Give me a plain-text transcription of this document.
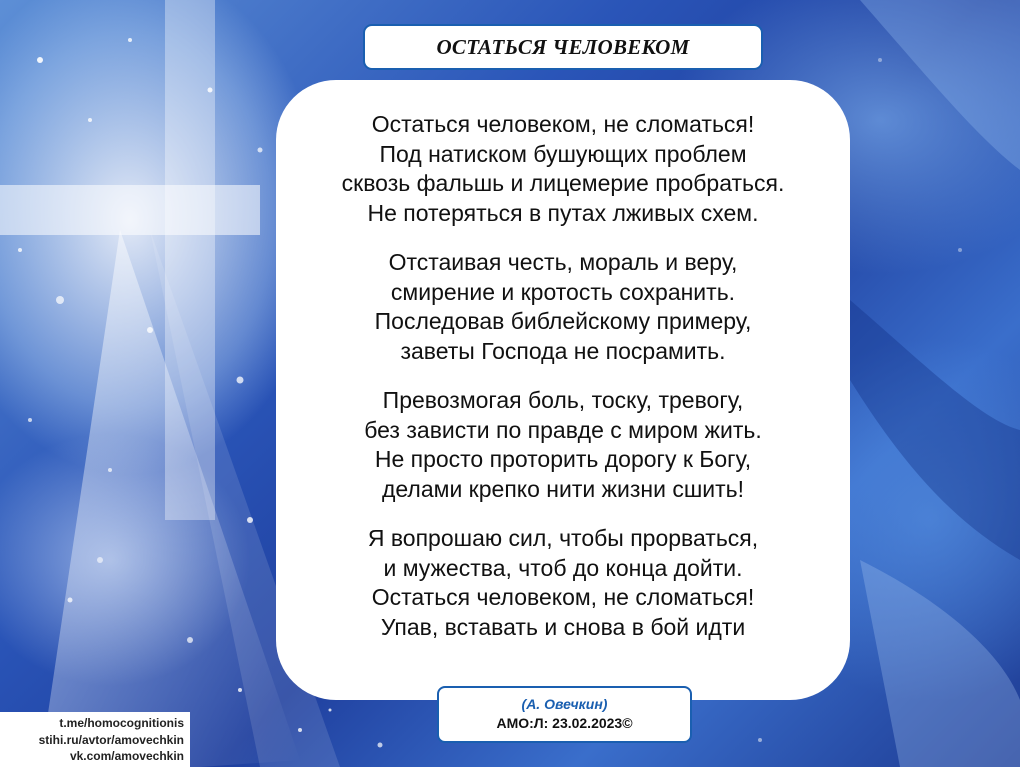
ОСТАТЬСЯ ЧЕЛОВЕКОМ
Остаться человеком, не сломаться!
Под натиском бушующих проблем
сквозь фальшь и лицемерие пробраться.
Не потеряться в путах лживых схем.
Отстаивая честь, мораль и веру,
смирение и кротость сохранить.
Последовав библейскому примеру,
заветы Господа не посрамить.
Превозмогая боль, тоску, тревогу,
без зависти по правде с миром жить.
Не просто проторить дорогу к Богу,
делами крепко нити жизни сшить!
Я вопрошаю сил, чтобы прорваться,
и мужества, чтоб до конца дойти.
Остаться человеком, не сломаться!
Упав, вставать и снова в бой идти
(А. Овечкин)
АМО:Л: 23.02.2023©
t.me/homocognitionis
stihi.ru/avtor/amovechkin
vk.com/amovechkin
